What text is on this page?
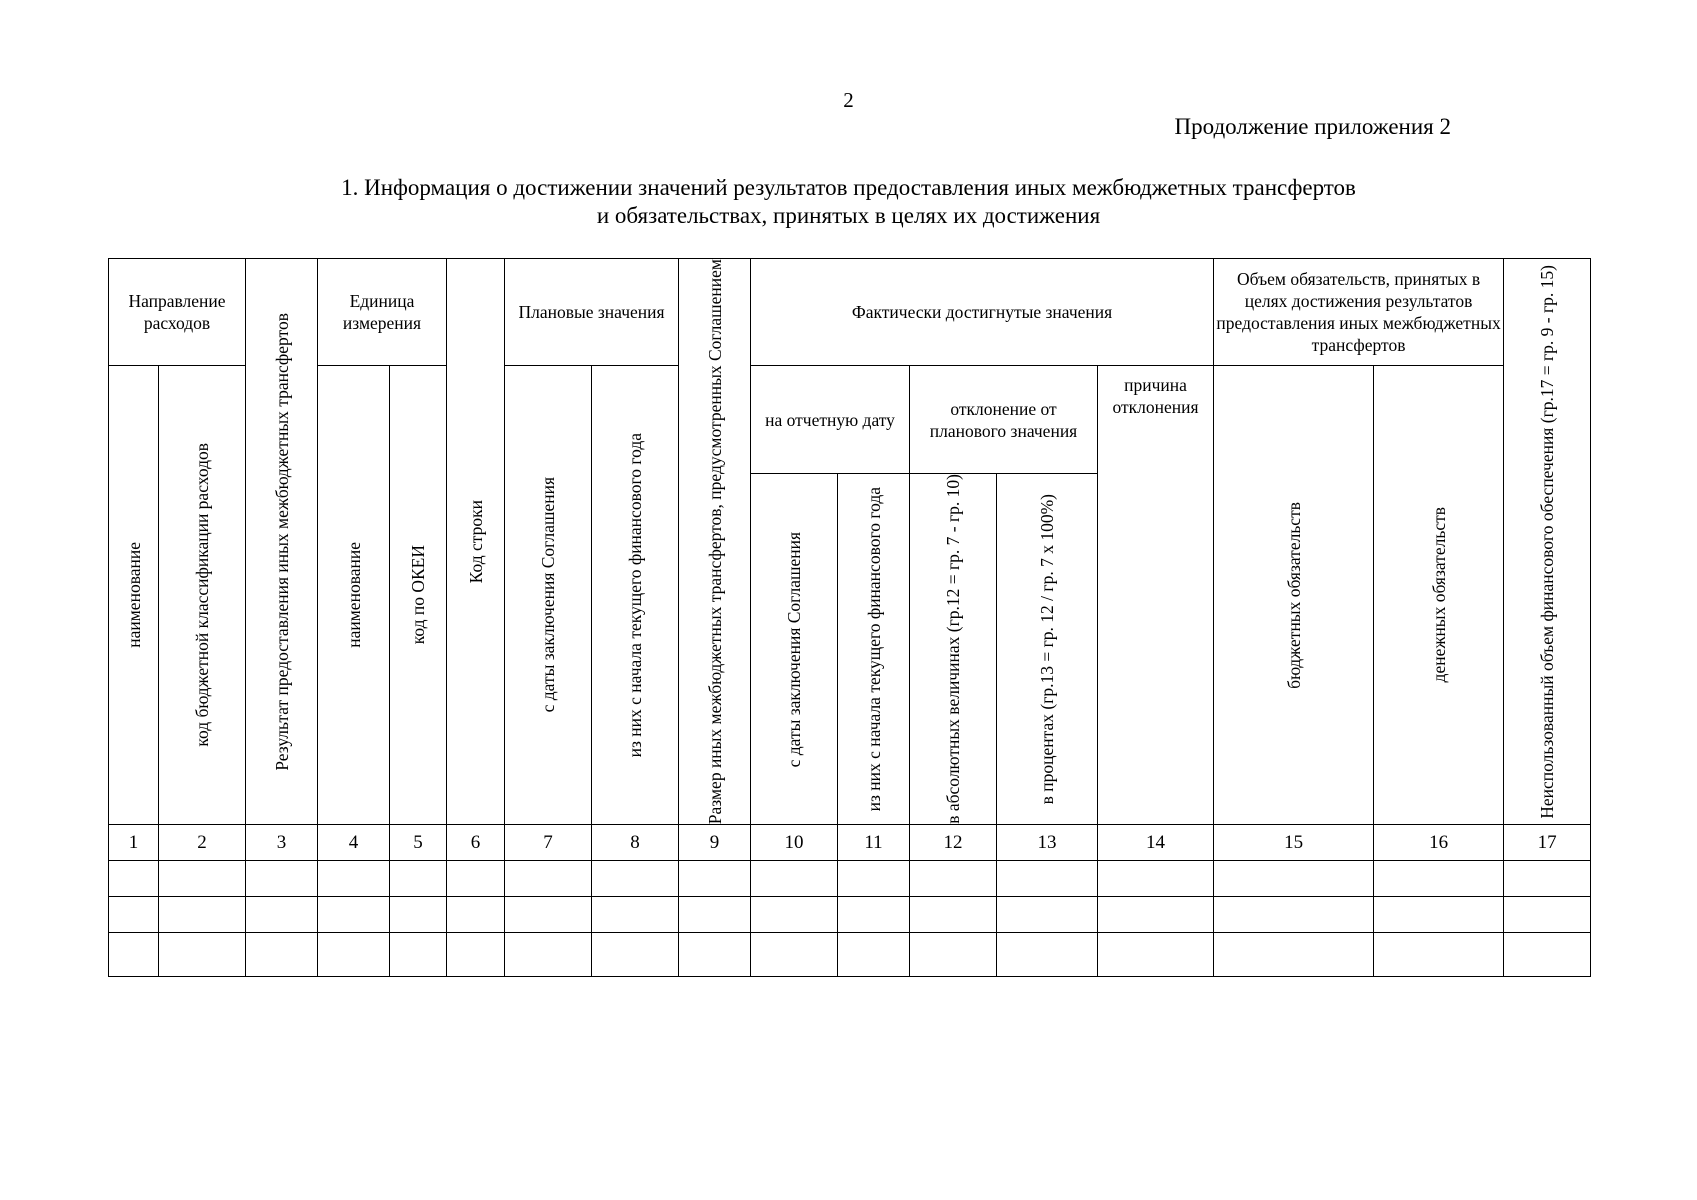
2
Продолжение приложения 2
1. Информация о достижении значений результатов предоставления иных межбюджетных трансфертов
и обязательствах, принятых в целях их достижения
Направление расходов		Результат предоставления иных межбюджетных трансфертов	Единица измерения		Код строки	Плановые значения		Размер иных межбюджетных трансфертов, предусмотренных Соглашением	Фактически достигнутые значения					Объем обязательств, принятых в целях достижения результатов предоставления иных межбюджетных трансфертов		Неиспользованный объем финансового обеспечения (гр.17 = гр. 9 - гр. 15)

наименование	код бюджетной классификации расходов		наименование	код по ОКЕИ		с даты заключения Соглашения	из них с начала текущего финансового года		на отчетную дату		отклонение от планового значения		причина отклонения	бюджетных обязательств	денежных обязательств	

									с даты заключения Соглашения	из них с начала текущего финансового года	в абсолютных величинах (гр.12 = гр. 7 - гр. 10)	в процентах (гр.13 = гр. 12 / гр. 7 х 100%)				

1	2	3	4	5	6	7	8	9	10	11	12	13	14	15	16	17
